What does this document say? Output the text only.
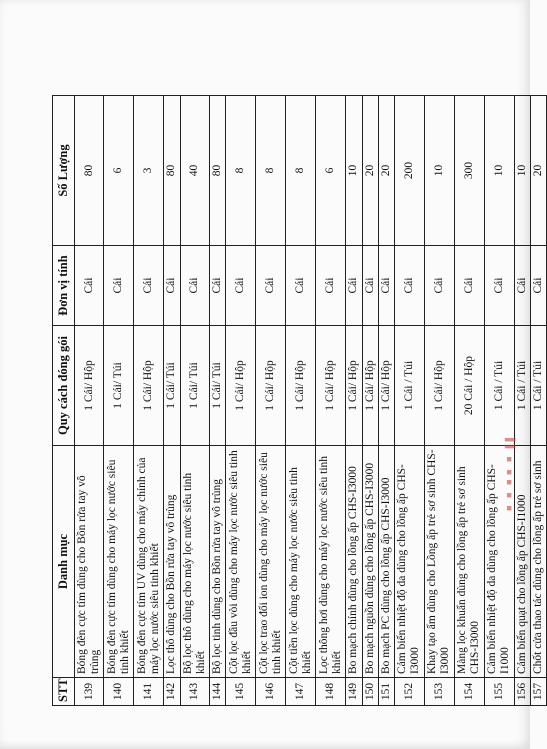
STT	Danh mục	Quy cách đóng gói	Đơn vị tính	Số Lượng
139	Bóng đèn cực tím dùng cho Bồn rửa tay vô trùng	1 Cái/ Hộp	Cái	80
140	Bóng đèn cực tím dùng cho máy lọc nước siêu tinh khiết	1 Cái/ Túi	Cái	6
141	Bóng đèn cực tím UV dùng cho máy chính của máy lọc nước siêu tinh khiết	1 Cái/ Hộp	Cái	3
142	Lọc thô dùng cho Bồn rửa tay vô trùng	1 Cái/ Túi	Cái	80
143	Bộ lọc thô dùng cho máy lọc nước siêu tinh khiết	1 Cái/ Túi	Cái	40
144	Bộ lọc tinh dùng cho Bồn rửa tay vô trùng	1 Cái/ Túi	Cái	80
145	Cột lọc đầu vòi dùng cho máy lọc nước siêu tinh khiết	1 Cái/ Hộp	Cái	8
146	Cột lọc trao đổi ion dùng cho máy lọc nước siêu tinh khiết	1 Cái/ Hộp	Cái	8
147	Cột tiền lọc dùng cho máy lọc nước siêu tinh khiết	1 Cái/ Hộp	Cái	8
148	Lọc thông hơi dùng cho máy lọc nước siêu tinh khiết	1 Cái/ Hộp	Cái	6
149	Bo mạch chính dùng cho lồng ấp CHS-I3000	1 Cái/ Hộp	Cái	10
150	Bo mạch nguồn dùng cho lồng ấp CHS-I3000	1 Cái/ Hộp	Cái	20
151	Bo mạch PC dùng cho lồng ấp CHS-I3000	1 Cái/ Hộp	Cái	20
152	Cảm biến nhiệt độ da dùng cho lồng ấp CHS-I3000	1 Cái / Túi	Cái	200
153	Khay tạo ẩm dùng cho Lồng ấp trẻ sơ sinh CHS-I3000	1 Cái/ Hộp	Cái	10
154	Màng lọc khuẩn dùng cho lồng ấp trẻ sơ sinh CHS-I3000	20 Cái / Hộp	Cái	300
155	Cảm biến nhiệt độ da dùng cho lồng ấp CHS-I1000	1 Cái / Túi	Cái	10
156	Cảm biến quạt cho lồng ấp CHS-I1000	1 Cái / Túi	Cái	10
157	Chốt cửa thao tác dùng cho lồng ấp trẻ sơ sinh	1 Cái / Túi	Cái	20
▌▌ ▪ ▪▪ ▪ ▪
